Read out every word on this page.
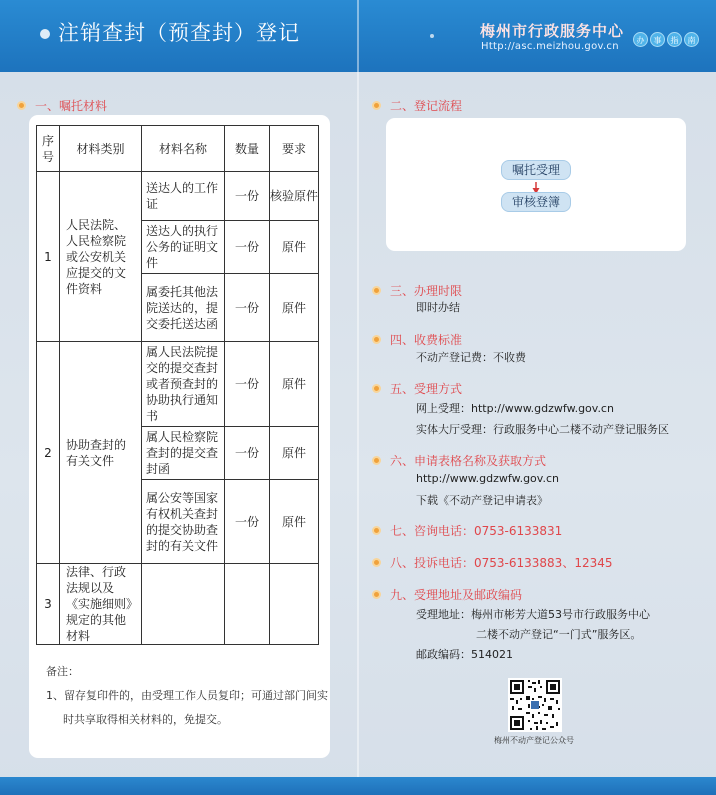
注销查封（预查封）登记	梅州市行政服务中心
Http://asc.meizhou.gov.cn
办	事	指	南
一、嘱托材料
序号	材料类别	材料名称	数量	要求
1	人民法院、人民检察院或公安机关应提交的文件资料	送达人的工作证	一份	核验原件
		送达人的执行公务的证明文件	一份	原件
		属委托其他法院送达的，提交委托送达函	一份	原件
2	协助查封的有关文件	属人民法院提交的提交查封或者预查封的协助执行通知书	一份	原件
		属人民检察院查封的提交查封函	一份	原件
		属公安等国家有权机关查封的提交协助查封的有关文件	一份	原件
3	法律、行政法规以及《实施细则》规定的其他材料			
备注：
1、留存复印件的，由受理工作人员复印；可通过部门间实
时共享取得相关材料的，免提交。
二、登记流程
嘱托受理
审核登簿
三、办理时限
即时办结
四、收费标准
不动产登记费：不收费
五、受理方式
网上受理：http://www.gdzwfw.gov.cn
实体大厅受理：行政服务中心二楼不动产登记服务区
六、申请表格名称及获取方式
http://www.gdzwfw.gov.cn
下载《不动产登记申请表》
七、咨询电话：0753-6133831
八、投诉电话：0753-6133883、12345
九、受理地址及邮政编码
受理地址：梅州市彬芳大道53号市行政服务中心
二楼不动产登记“一门式”服务区。
邮政编码：514021
梅州不动产登记公众号
